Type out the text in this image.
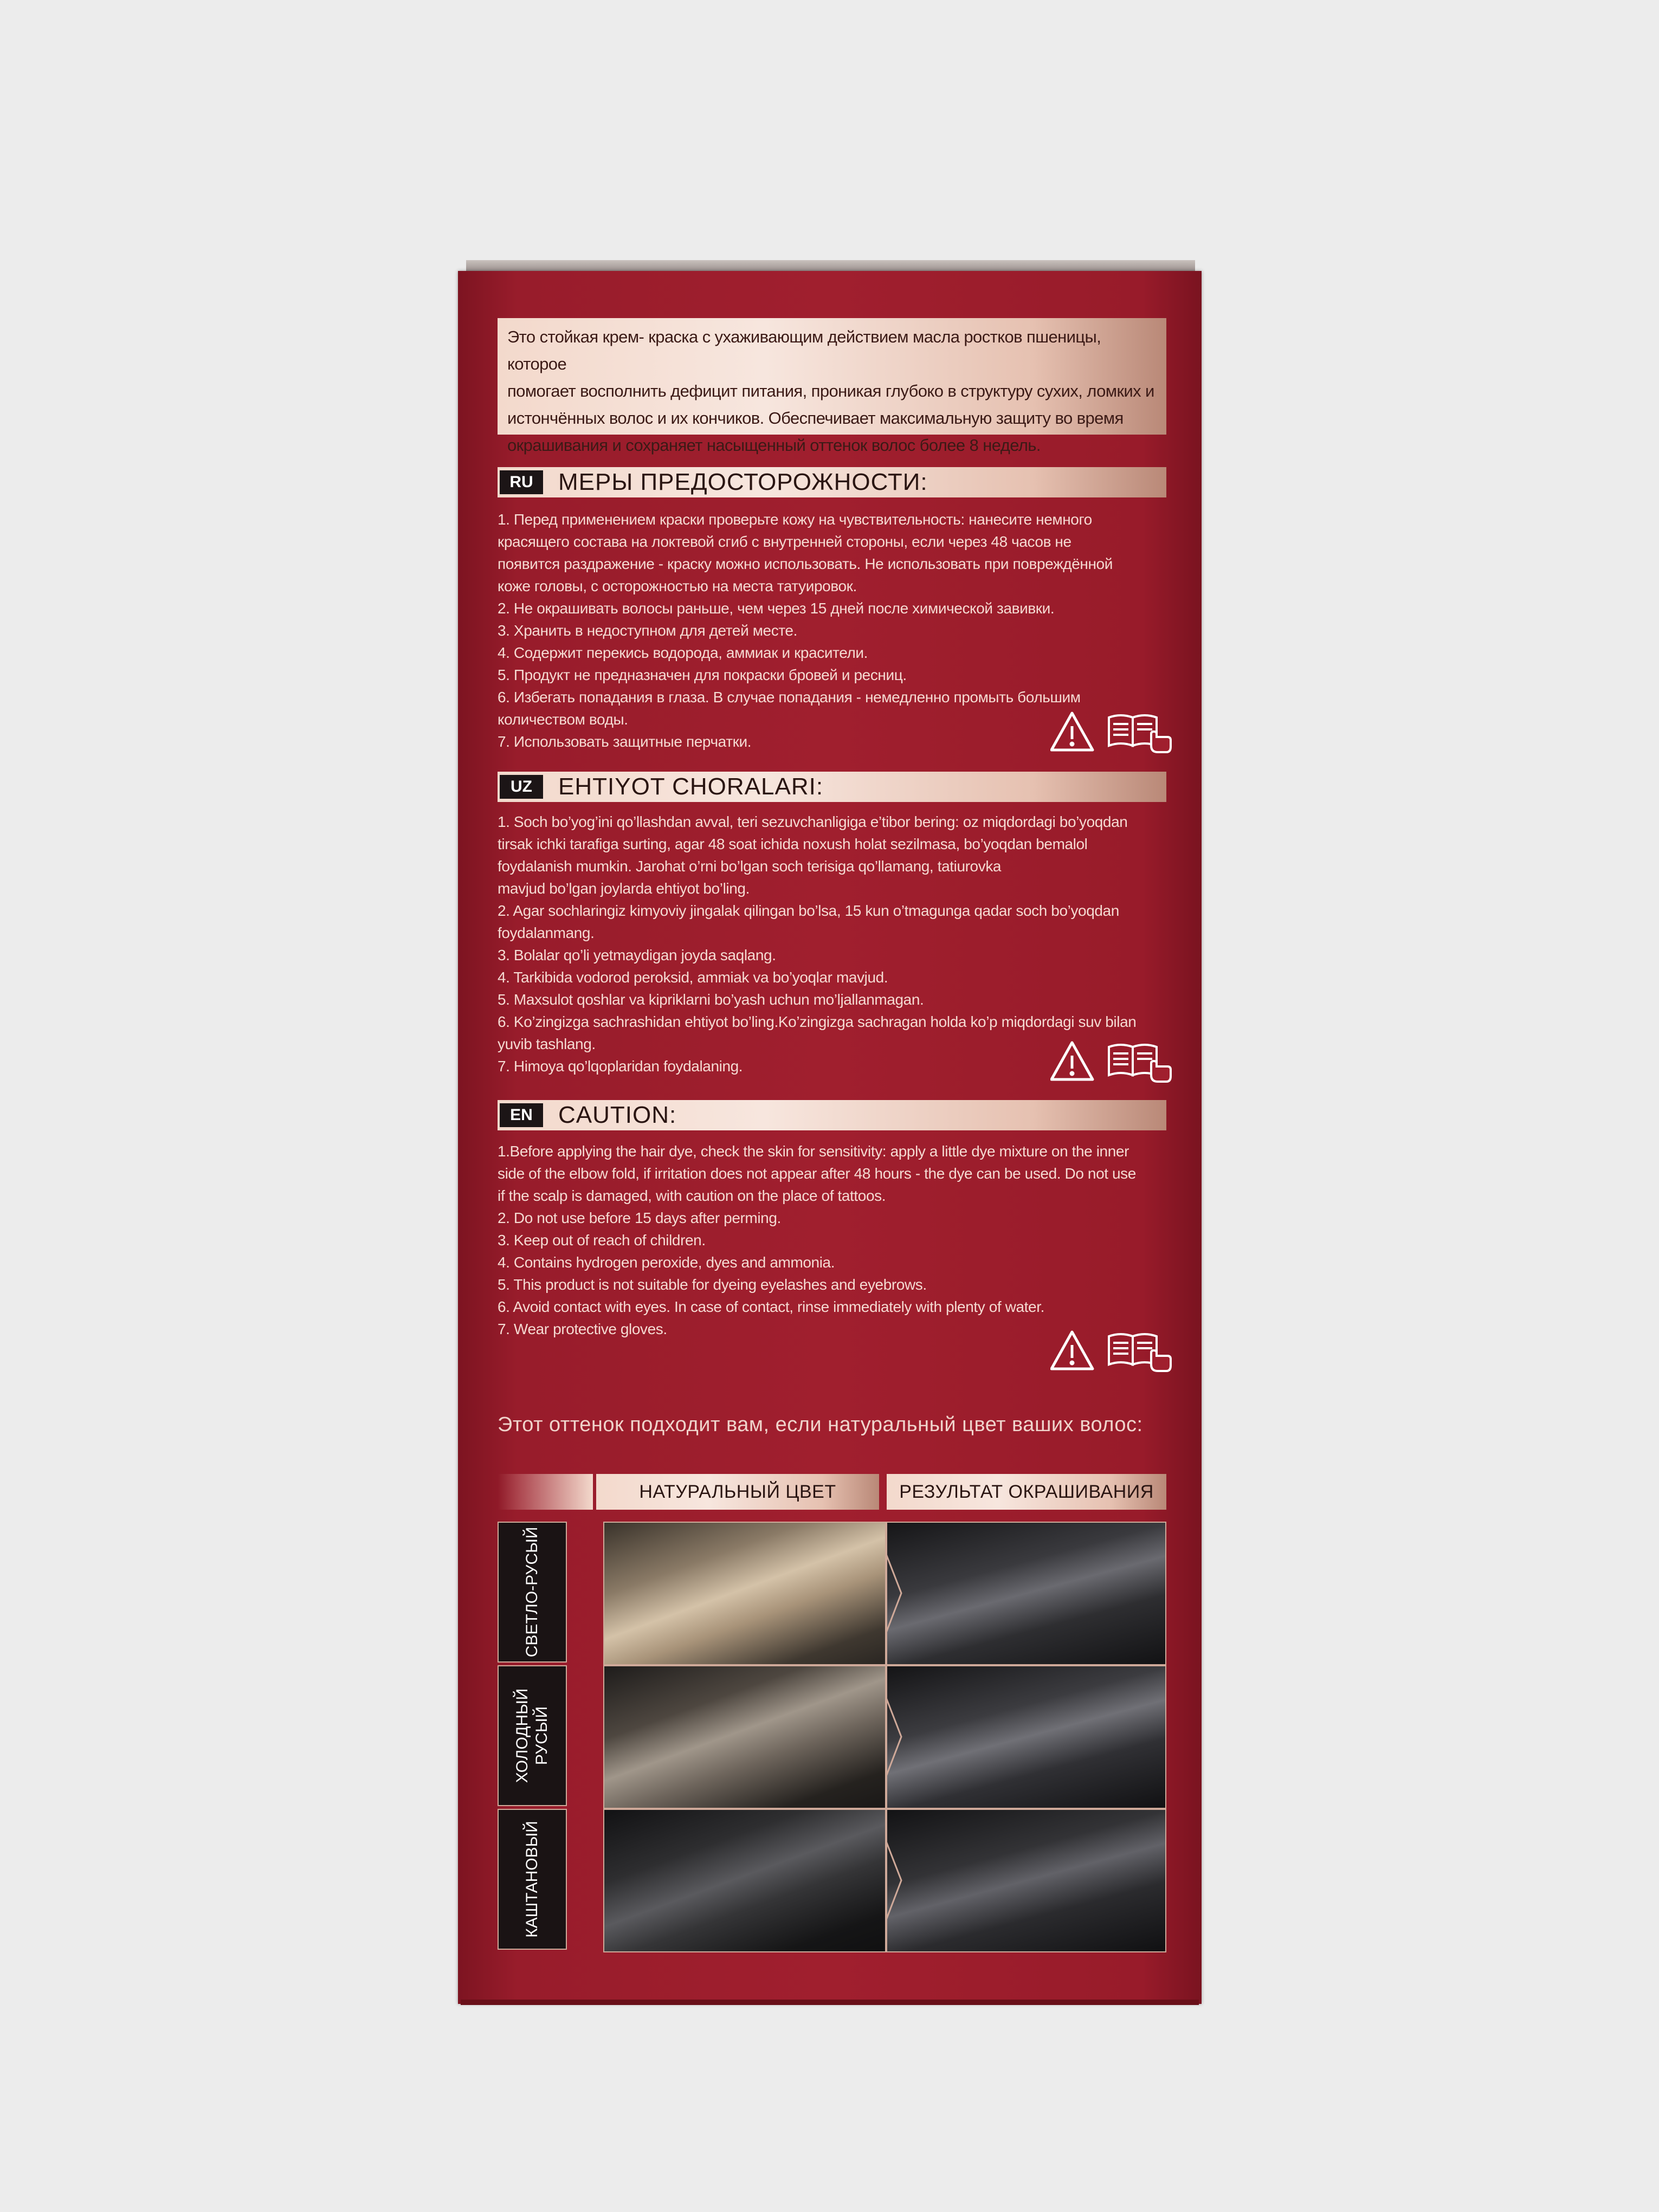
Это стойкая крем- краска с ухаживающим действием масла ростков пшеницы, которое
помогает восполнить дефицит питания, проникая глубоко в структуру сухих, ломких и
истончённых волос и их кончиков. Обеспечивает максимальную защиту во время
окрашивания и сохраняет насыщенный оттенок волос более 8 недель.
RU	МЕРЫ ПРЕДОСТОРОЖНОСТИ:
1. Перед применением краски проверьте кожу на чувствительность: нанесите немного
красящего состава на локтевой сгиб с внутренней стороны, если через 48 часов не
появится раздражение - краску можно использовать. Не использовать при повреждённой
коже головы, с осторожностью на места татуировок.
2. Не окрашивать волосы раньше, чем через 15 дней после химической завивки.
3. Хранить в недоступном для детей месте.
4. Содержит перекись водорода, аммиак и красители.
5. Продукт не предназначен для покраски бровей и ресниц.
6. Избегать попадания в глаза. В случае попадания - немедленно промыть большим
количеством воды.
7. Использовать защитные перчатки.
UZ	EHTIYOT CHORALARI:
1. Soch bo’yog’ini qo’llashdan avval, teri sezuvchanligiga e’tibor bering: oz miqdordagi bo’yoqdan
tirsak ichki tarafiga surting, agar 48 soat ichida noxush holat sezilmasa, bo’yoqdan bemalol
foydalanish mumkin. Jarohat o’rni bo’lgan soch terisiga qo’llamang, tatiurovka
mavjud bo’lgan joylarda ehtiyot bo’ling.
2. Agar sochlaringiz kimyoviy jingalak qilingan bo’lsa, 15 kun o’tmagunga qadar soch bo’yoqdan
foydalanmang.
3. Bolalar qo’li yetmaydigan joyda saqlang.
4. Tarkibida vodorod peroksid, ammiak va bo’yoqlar mavjud.
5. Maxsulot qoshlar va kipriklarni bo’yash uchun mo’ljallanmagan.
6. Ko’zingizga sachrashidan ehtiyot bo’ling.Ko’zingizga sachragan holda ko’p miqdordagi suv bilan
yuvib tashlang.
7. Himoya qo’lqoplaridan foydalaning.
EN	CAUTION:
1.Before applying the hair dye, check the skin for sensitivity: apply a little dye mixture on the inner
side of the elbow fold, if irritation does not appear after 48 hours - the dye can be used. Do not use
if the scalp is damaged, with caution on the place of tattoos.
2. Do not use before 15 days after perming.
3. Keep out of reach of children.
4. Contains hydrogen peroxide, dyes and ammonia.
5. This product is not suitable for dyeing eyelashes and eyebrows.
6. Avoid contact with eyes. In case of contact, rinse immediately with plenty of water.
7. Wear protective gloves.
Этот оттенок подходит вам, если натуральный цвет ваших волос:
НАТУРАЛЬНЫЙ ЦВЕТ	РЕЗУЛЬТАТ ОКРАШИВАНИЯ
СВЕТЛО-РУСЫЙ
ХОЛОДНЫЙ
РУСЫЙ
КАШТАНОВЫЙ
